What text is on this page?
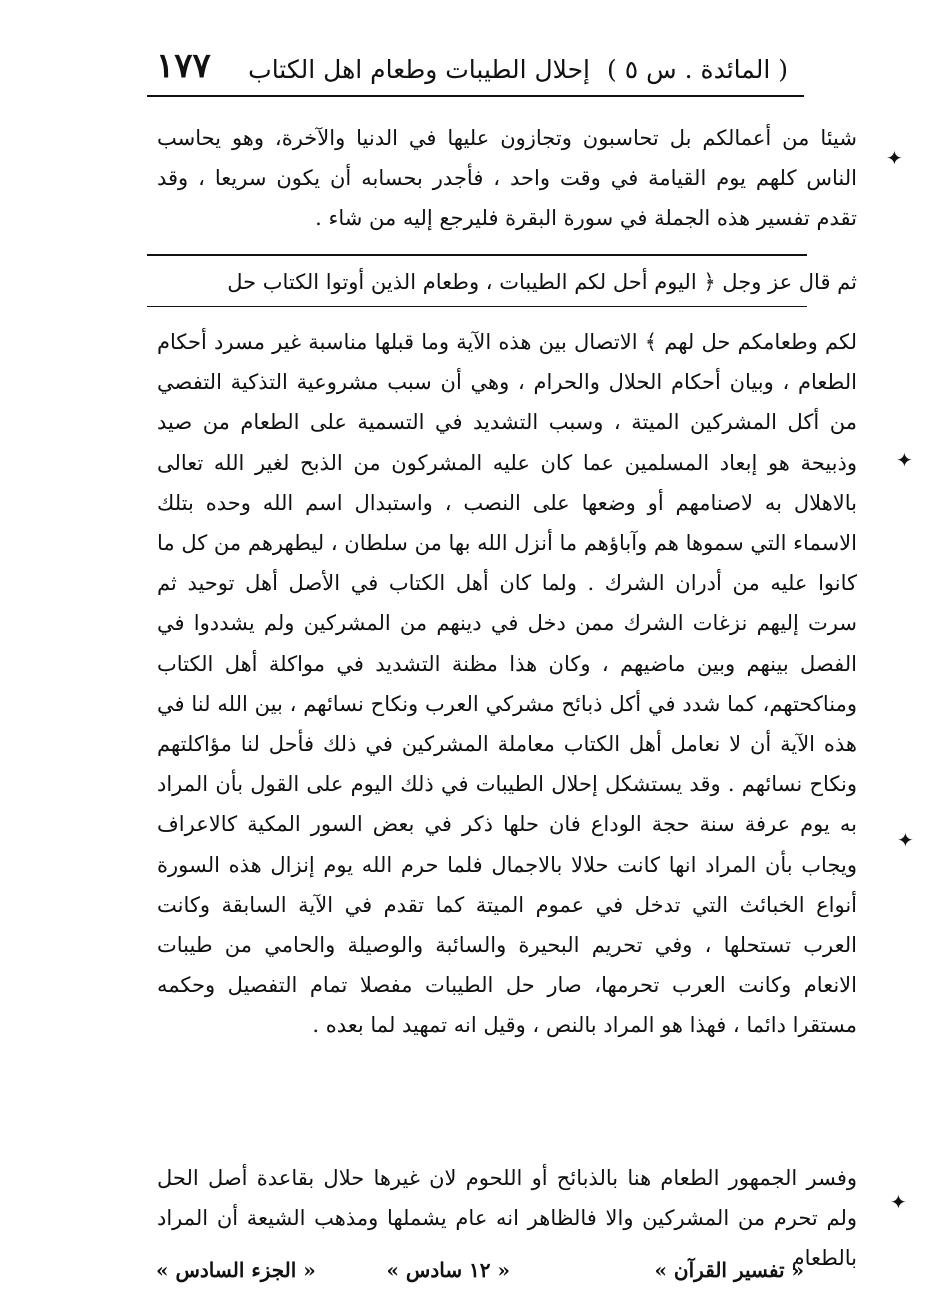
( المائدة . س ٥ )
إحلال الطيبات وطعام اهل الكتاب
١٧٧

شيئا من أعمالكم بل تحاسبون وتجازون عليها في الدنيا والآخرة، وهو يحاسب الناس كلهم يوم القيامة في وقت واحد ، فأجدر بحسابه أن يكون سريعا ، وقد تقدم تفسير هذه الجملة في سورة البقرة فليرجع إليه من شاء .

ثم قال عز وجل ﴿ اليوم أحل لكم الطيبات ، وطعام الذين أوتوا الكتاب حل

لكم وطعامكم حل لهم ﴾ الاتصال بين هذه الآية وما قبلها مناسبة غير مسرد أحكام الطعام ، وبيان أحكام الحلال والحرام ، وهي أن سبب مشروعية التذكية التفصي من أكل المشركين الميتة ، وسبب التشديد في التسمية على الطعام من صيد وذبيحة هو إبعاد المسلمين عما كان عليه المشركون من الذبح لغير الله تعالى بالاهلال به لاصنامهم أو وضعها على النصب ، واستبدال اسم الله وحده بتلك الاسماء التي سموها هم وآباؤهم ما أنزل الله بها من سلطان ، ليطهرهم من كل ما كانوا عليه من أدران الشرك . ولما كان أهل الكتاب في الأصل أهل توحيد ثم سرت إليهم نزغات الشرك ممن دخل في دينهم من المشركين ولم يشددوا في الفصل بينهم وبين ماضيهم ، وكان هذا مظنة التشديد في مواكلة أهل الكتاب ومناكحتهم، كما شدد في أكل ذبائح مشركي العرب ونكاح نسائهم ، بين الله لنا في هذه الآية أن لا نعامل أهل الكتاب معاملة المشركين في ذلك فأحل لنا مؤاكلتهم ونكاح نسائهم . وقد يستشكل إحلال الطيبات في ذلك اليوم على القول بأن المراد به يوم عرفة سنة حجة الوداع فان حلها ذكر في بعض السور المكية كالاعراف ويجاب بأن المراد انها كانت حلالا بالاجمال فلما حرم الله يوم إنزال هذه السورة أنواع الخبائث التي تدخل في عموم الميتة كما تقدم في الآية السابقة وكانت العرب تستحلها ، وفي تحريم البحيرة والسائبة والوصيلة والحامي من طيبات الانعام وكانت العرب تحرمها، صار حل الطيبات مفصلا تمام التفصيل وحكمه مستقرا دائما ، فهذا هو المراد بالنص ، وقيل انه تمهيد لما بعده .

وفسر الجمهور الطعام هنا بالذبائح أو اللحوم لان غيرها حلال بقاعدة أصل الحل ولم تحرم من المشركين والا فالظاهر انه عام يشملها ومذهب الشيعة أن المراد بالطعام

« تفسير القرآن »
« ١٢ سادس »
« الجزء السادس »
✦
✦
✦
✦
